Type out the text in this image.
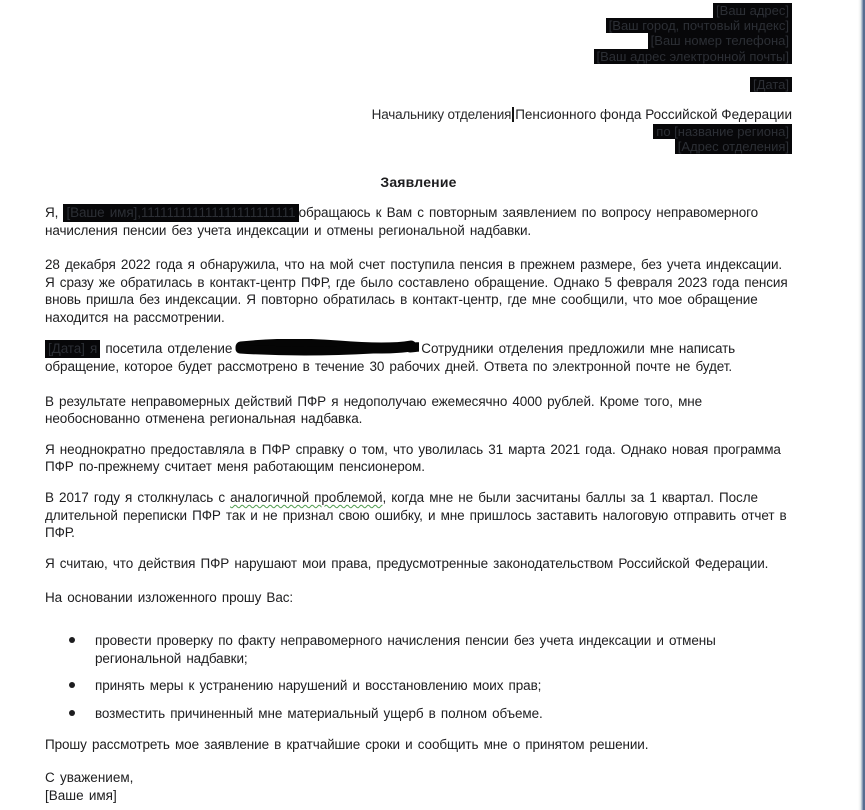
[Ваш адрес]
[Ваш город, почтовый индекс]
[Ваш номер телефона]
[Ваш адрес электронной почты]
[Дата]
Начальнику отделения Пенсионного фонда Российской Федерации
по [название региона]
[Адрес отделения]
Заявление

Я, [Ваше имя],111111111111111111111111 обращаюсь к Вам с повторным заявлением по вопросу неправомерного начисления пенсии без учета индексации и отмены региональной надбавки.

28 декабря 2022 года я обнаружила, что на мой счет поступила пенсия в прежнем размере, без учета индексации. Я сразу же обратилась в контакт-центр ПФР, где было составлено обращение. Однако 5 февраля 2023 года пенсия вновь пришла без индексации. Я повторно обратилась в контакт-центр, где мне сообщили, что мое обращение находится на рассмотрении.

[Дата] я посетила отделение	Сотрудники отделения предложили мне написать обращение, которое будет рассмотрено в течение 30 рабочих дней. Ответа по электронной почте не будет.

В результате неправомерных действий ПФР я недополучаю ежемесячно 4000 рублей. Кроме того, мне необоснованно отменена региональная надбавка.

Я неоднократно предоставляла в ПФР справку о том, что уволилась 31 марта 2021 года. Однако новая программа ПФР по-прежнему считает меня работающим пенсионером.

В 2017 году я столкнулась с аналогичной проблемой, когда мне не были засчитаны баллы за 1 квартал. После длительной переписки ПФР так и не признал свою ошибку, и мне пришлось заставить налоговую отправить отчет в ПФР.

Я считаю, что действия ПФР нарушают мои права, предусмотренные законодательством Российской Федерации.

На основании изложенного прошу Вас:

провести проверку по факту неправомерного начисления пенсии без учета индексации и отмены региональной надбавки;
принять меры к устранению нарушений и восстановлению моих прав;
возместить причиненный мне материальный ущерб в полном объеме.

Прошу рассмотреть мое заявление в кратчайшие сроки и сообщить мне о принятом решении.

С уважением,
[Ваше имя]
